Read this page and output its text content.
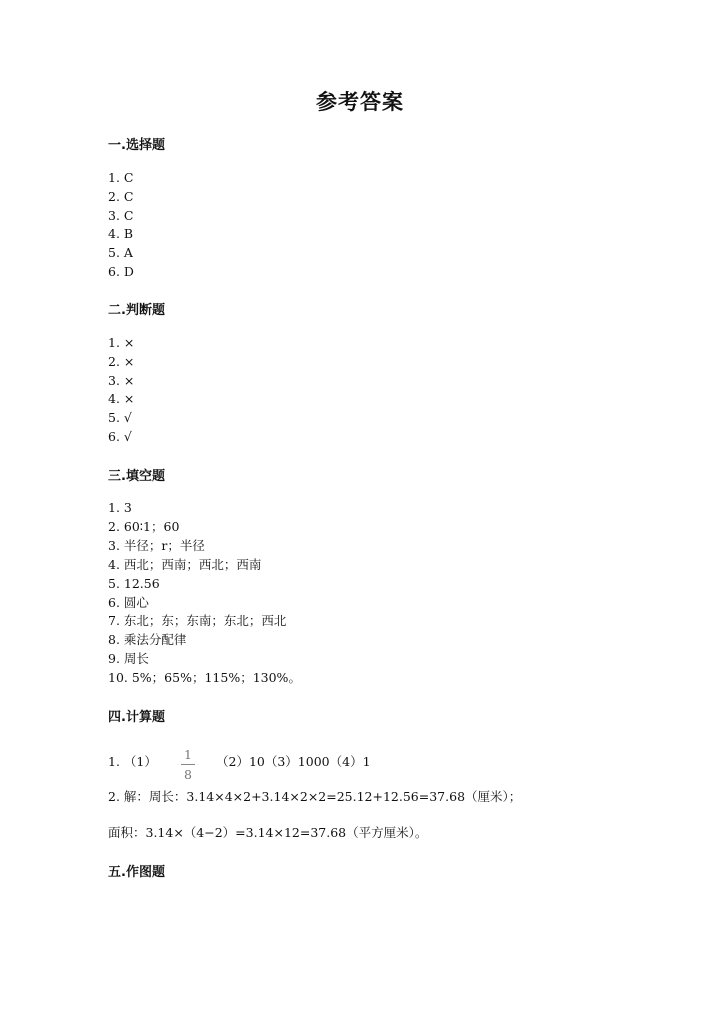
参考答案
一.选择题
1. C
2. C
3. C
4. B
5. A
6. D
二.判断题
1. ×
2. ×
3. ×
4. ×
5. √
6. √
三.填空题
1. 3
2. 60∶1；60
3. 半径；r；半径
4. 西北；西南；西北；西南
5. 12.56
6. 圆心
7. 东北；东；东南；东北；西北
8. 乘法分配律
9. 周长
10. 5%；65%；115%；130%。
四.计算题
1. （1） 1
8
（2）10（3）1000（4）1
2. 解：周长：3.14×4×2+3.14×2×2=25.12+12.56=37.68（厘米）；
面积：3.14×（4−2）=3.14×12=37.68（平方厘米）。
五.作图题
